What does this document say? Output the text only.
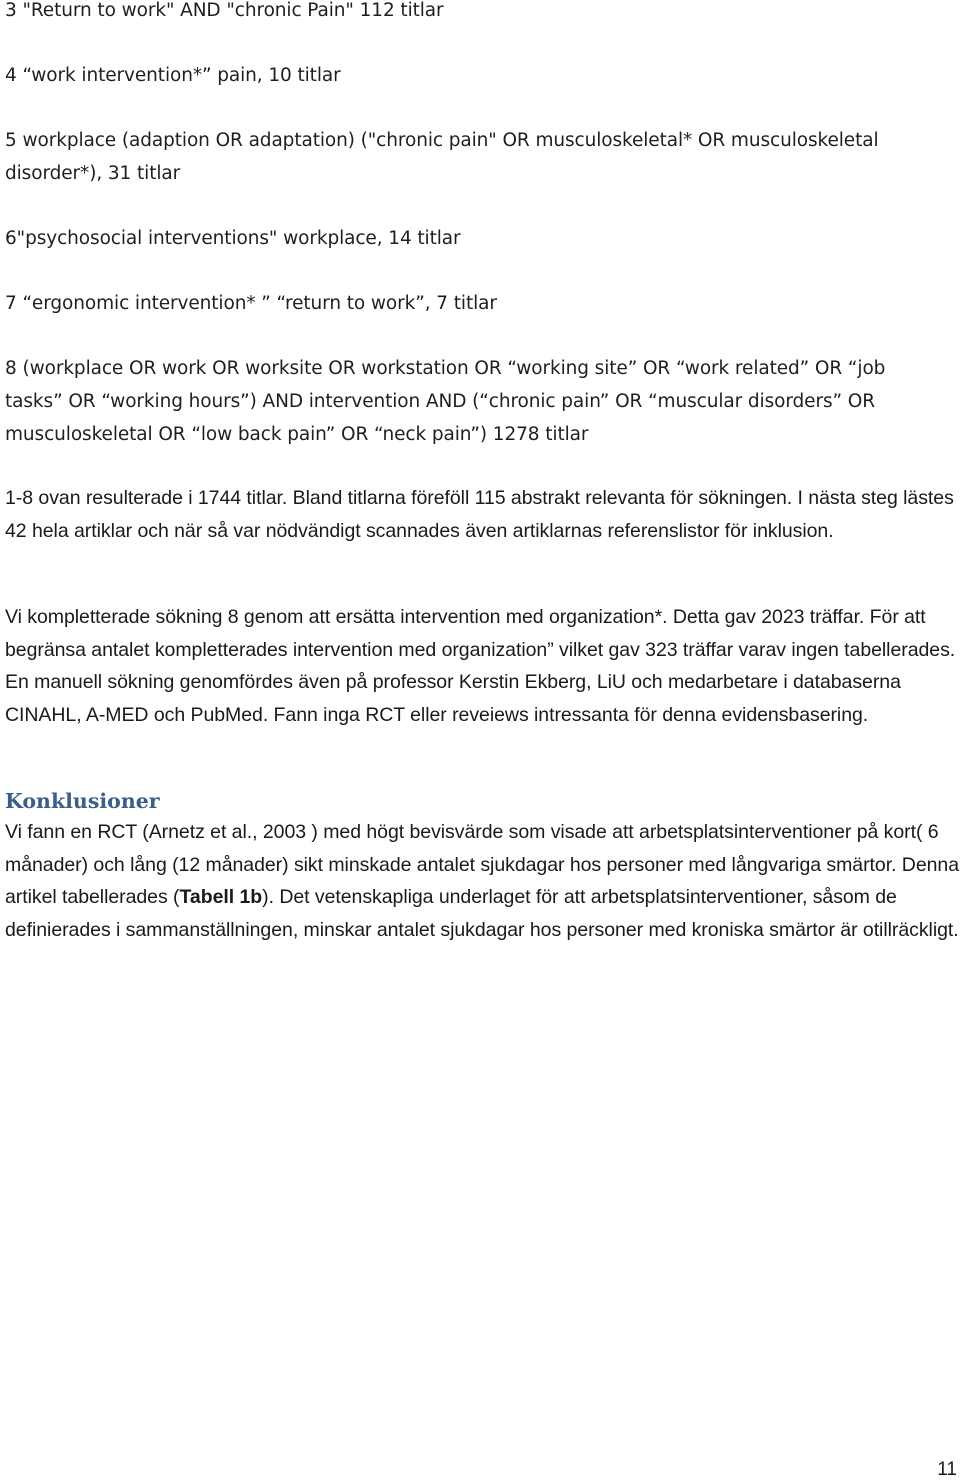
3 "Return to work" AND "chronic Pain" 112 titlar
4 “work intervention*” pain, 10 titlar
5 workplace (adaption OR adaptation) ("chronic pain" OR musculoskeletal* OR musculoskeletal disorder*), 31 titlar
6"psychosocial interventions" workplace, 14 titlar
7 “ergonomic intervention* ” “return to work”, 7 titlar
8 (workplace OR work OR worksite OR workstation OR “working site” OR “work related” OR “job tasks” OR “working hours”) AND intervention AND (“chronic pain” OR “muscular disorders” OR musculoskeletal OR “low back pain” OR “neck pain”) 1278 titlar
1-8 ovan resulterade i 1744 titlar. Bland titlarna föreföll 115 abstrakt relevanta för sökningen. I nästa steg lästes 42 hela artiklar och när så var nödvändigt scannades även artiklarnas referenslistor för inklusion.
Vi kompletterade sökning 8 genom att ersätta intervention med organization*. Detta gav 2023 träffar. För att begränsa antalet kompletterades intervention med organization” vilket gav 323 träffar varav ingen tabellerades. En manuell sökning genomfördes även på professor Kerstin Ekberg, LiU och medarbetare i databaserna CINAHL, A-MED och PubMed. Fann inga RCT eller reveiews intressanta för denna evidensbasering.
Konklusioner
Vi fann en RCT (Arnetz et al., 2003 ) med högt bevisvärde som visade att arbetsplatsinterventioner på kort( 6 månader) och lång (12 månader) sikt minskade antalet sjukdagar hos personer med långvariga smärtor. Denna artikel tabellerades (Tabell 1b). Det vetenskapliga underlaget för att arbetsplatsinterventioner, såsom de definierades i sammanställningen, minskar antalet sjukdagar hos personer med kroniska smärtor är otillräckligt.
11
